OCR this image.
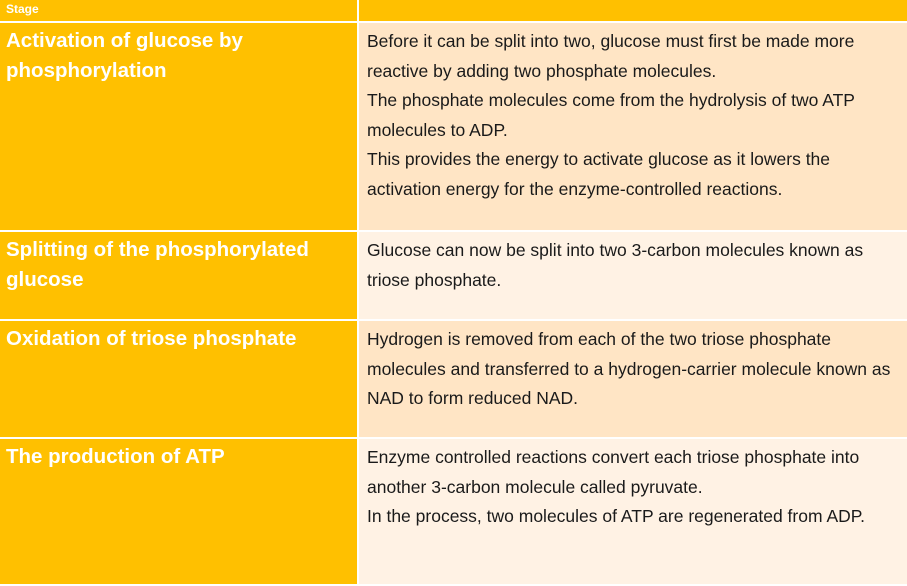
Stage	
Activation of glucose by phosphorylation	Before it can be split into two, glucose must first be made more reactive by adding two phosphate molecules.
The phosphate molecules come from the hydrolysis of two ATP molecules to ADP.
This provides the energy to activate glucose as it lowers the activation energy for the enzyme-controlled reactions.

Splitting of the phosphorylated glucose	Glucose can now be split into two 3-carbon molecules known as triose phosphate.

Oxidation of triose phosphate	Hydrogen is removed from each of the two triose phosphate molecules and transferred to a hydrogen-carrier molecule known as NAD to form reduced NAD.

The production of ATP	Enzyme controlled reactions convert each triose phosphate into another 3-carbon molecule called pyruvate.
In the process, two molecules of ATP are regenerated from ADP.
